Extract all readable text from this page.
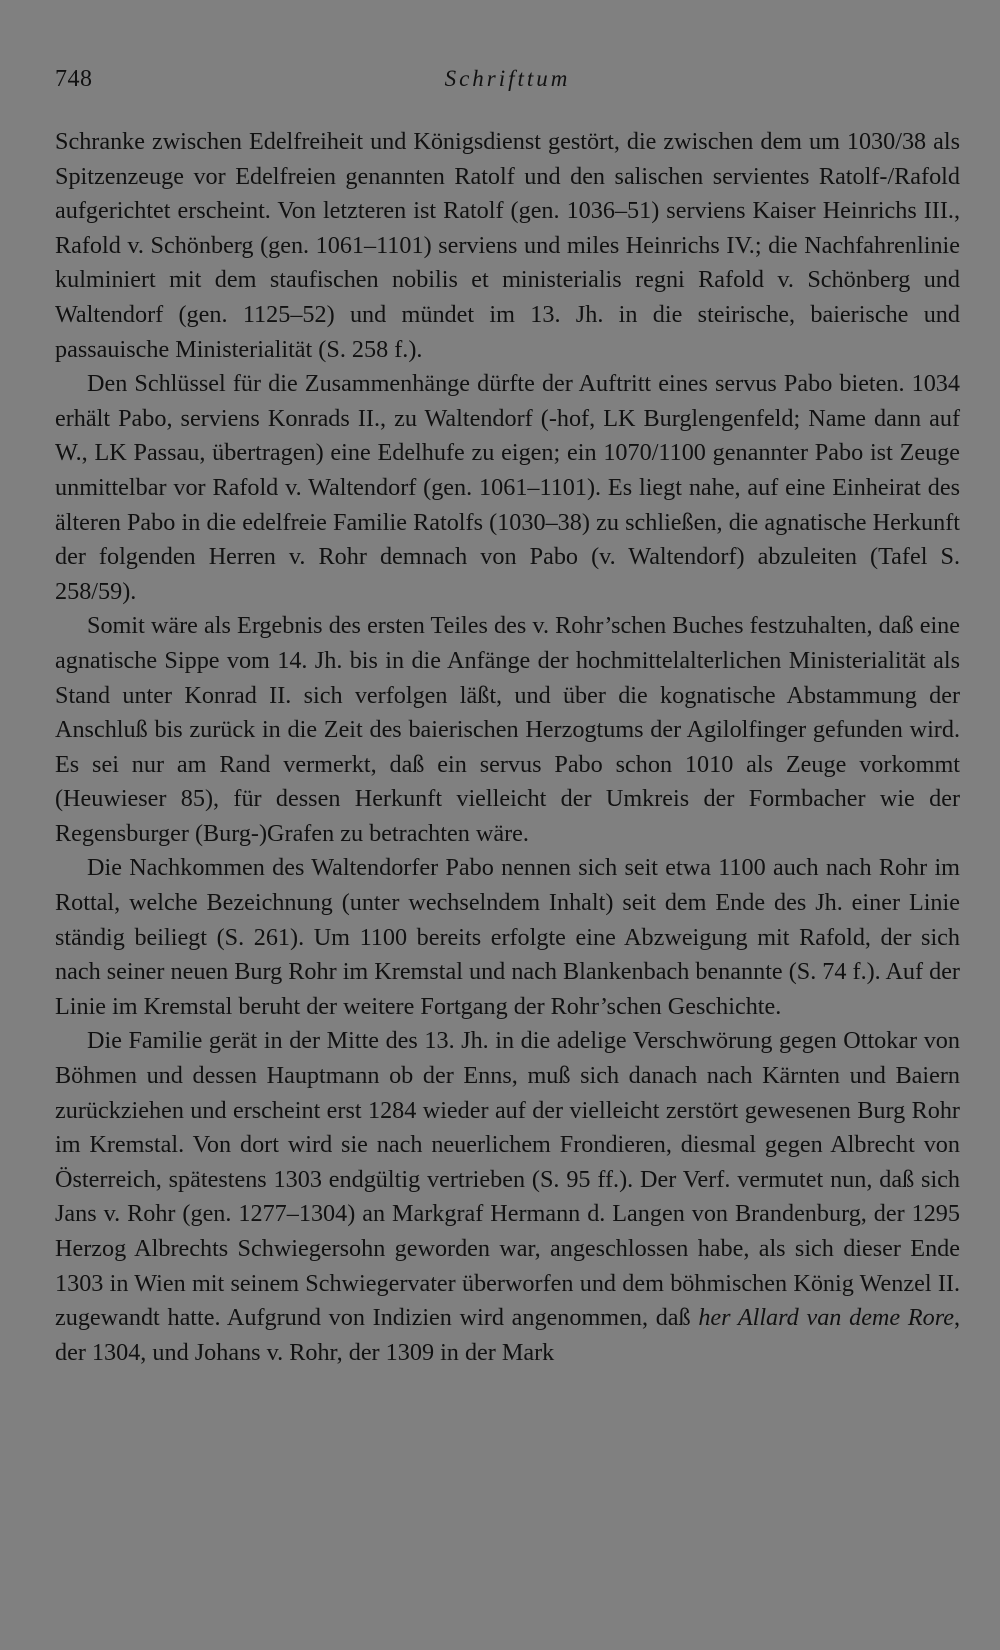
748	Schrifttum

Schranke zwischen Edelfreiheit und Königsdienst gestört, die zwischen dem um 1030/38 als Spitzenzeuge vor Edelfreien genannten Ratolf und den salischen servientes Ratolf-/Rafold aufgerichtet erscheint. Von letzteren ist Ratolf (gen. 1036–51) serviens Kaiser Heinrichs III., Rafold v. Schönberg (gen. 1061–1101) serviens und miles Heinrichs IV.; die Nachfahrenlinie kulminiert mit dem staufischen nobilis et ministerialis regni Rafold v. Schönberg und Waltendorf (gen. 1125–52) und mündet im 13. Jh. in die steirische, baierische und passauische Ministerialität (S. 258 f.).

Den Schlüssel für die Zusammenhänge dürfte der Auftritt eines servus Pabo bieten. 1034 erhält Pabo, serviens Konrads II., zu Waltendorf (-hof, LK Burglengenfeld; Name dann auf W., LK Passau, übertragen) eine Edelhufe zu eigen; ein 1070/1100 genannter Pabo ist Zeuge unmittelbar vor Rafold v. Waltendorf (gen. 1061–1101). Es liegt nahe, auf eine Einheirat des älteren Pabo in die edelfreie Familie Ratolfs (1030–38) zu schließen, die agnatische Herkunft der folgenden Herren v. Rohr demnach von Pabo (v. Waltendorf) abzuleiten (Tafel S. 258/59).

Somit wäre als Ergebnis des ersten Teiles des v. Rohr’schen Buches festzuhalten, daß eine agnatische Sippe vom 14. Jh. bis in die Anfänge der hochmittelalterlichen Ministerialität als Stand unter Konrad II. sich verfolgen läßt, und über die kognatische Abstammung der Anschluß bis zurück in die Zeit des baierischen Herzogtums der Agilolfinger gefunden wird. Es sei nur am Rand vermerkt, daß ein servus Pabo schon 1010 als Zeuge vorkommt (Heuwieser 85), für dessen Herkunft vielleicht der Umkreis der Formbacher wie der Regensburger (Burg-)Grafen zu betrachten wäre.

Die Nachkommen des Waltendorfer Pabo nennen sich seit etwa 1100 auch nach Rohr im Rottal, welche Bezeichnung (unter wechselndem Inhalt) seit dem Ende des Jh. einer Linie ständig beiliegt (S. 261). Um 1100 bereits erfolgte eine Abzweigung mit Rafold, der sich nach seiner neuen Burg Rohr im Kremstal und nach Blankenbach benannte (S. 74 f.). Auf der Linie im Kremstal beruht der weitere Fortgang der Rohr’schen Geschichte.

Die Familie gerät in der Mitte des 13. Jh. in die adelige Verschwörung gegen Ottokar von Böhmen und dessen Hauptmann ob der Enns, muß sich danach nach Kärnten und Baiern zurückziehen und erscheint erst 1284 wieder auf der vielleicht zerstört gewesenen Burg Rohr im Kremstal. Von dort wird sie nach neuerlichem Frondieren, diesmal gegen Albrecht von Österreich, spätestens 1303 endgültig vertrieben (S. 95 ff.). Der Verf. vermutet nun, daß sich Jans v. Rohr (gen. 1277–1304) an Markgraf Hermann d. Langen von Brandenburg, der 1295 Herzog Albrechts Schwiegersohn geworden war, angeschlossen habe, als sich dieser Ende 1303 in Wien mit seinem Schwiegervater überworfen und dem böhmischen König Wenzel II. zugewandt hatte. Aufgrund von Indizien wird angenommen, daß her Allard van deme Rore, der 1304, und Johans v. Rohr, der 1309 in der Mark
